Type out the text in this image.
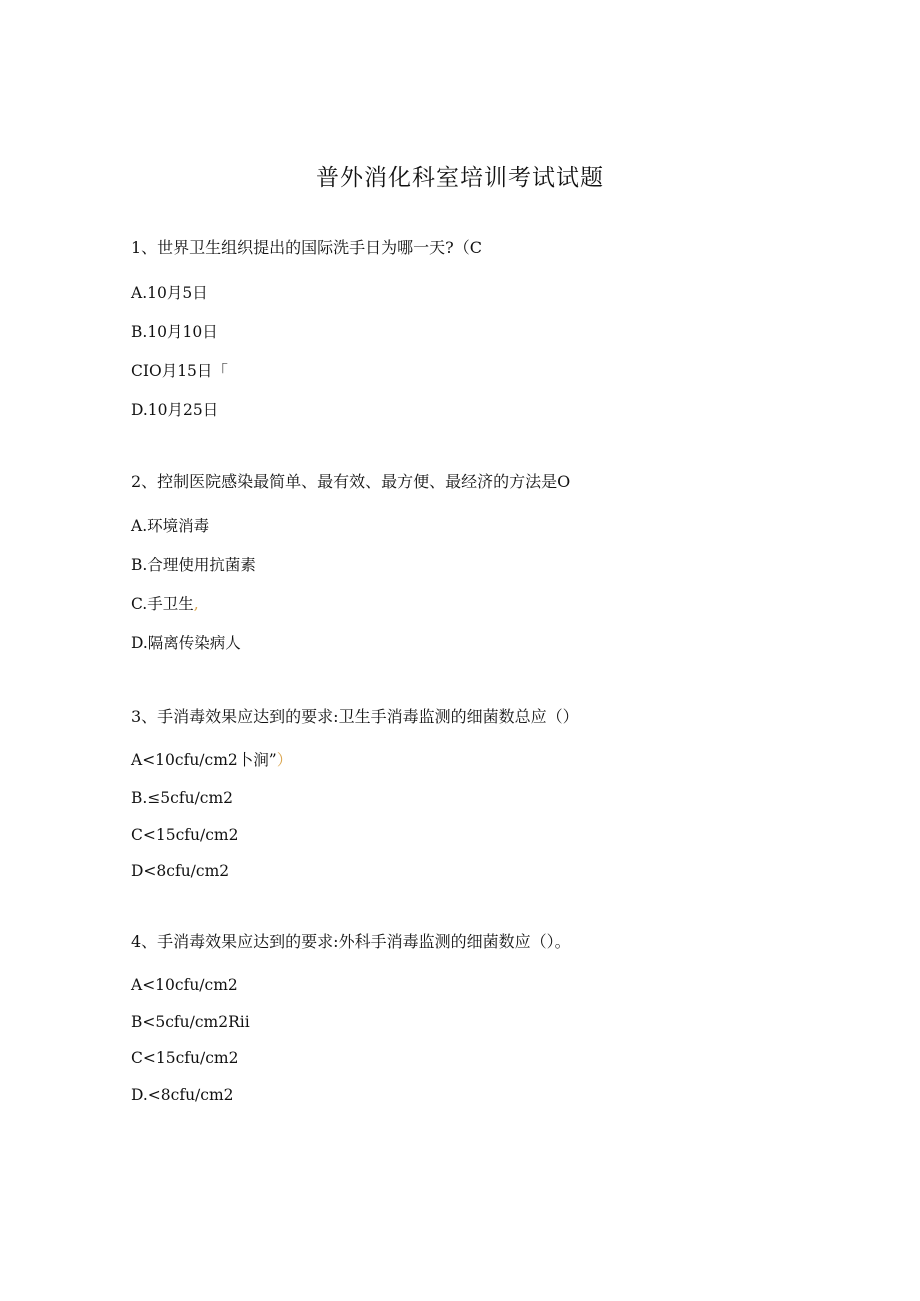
普外消化科室培训考试试题

1、世界卫生组织提出的国际洗手日为哪一天?（C

A.10月5日

B.10月10日

CIO月15日「

D.10月25日

2、控制医院感染最简单、最有效、最方便、最经济的方法是O

A.环境消毒

B.合理使用抗菌素

C.手卫生,

D.隔离传染病人

3、手消毒效果应达到的要求:卫生手消毒监测的细菌数总应（）

A<10cfu∕cm2卜涧”）

B.≤5cfu∕cm2

C<15cfu∕cm2

D<8cfu∕cm2

4、手消毒效果应达到的要求:外科手消毒监测的细菌数应（）。

A<10cfu∕cm2

B<5cfu∕cm2Rii

C<15cfu∕cm2

D.<8cfu∕cm2
